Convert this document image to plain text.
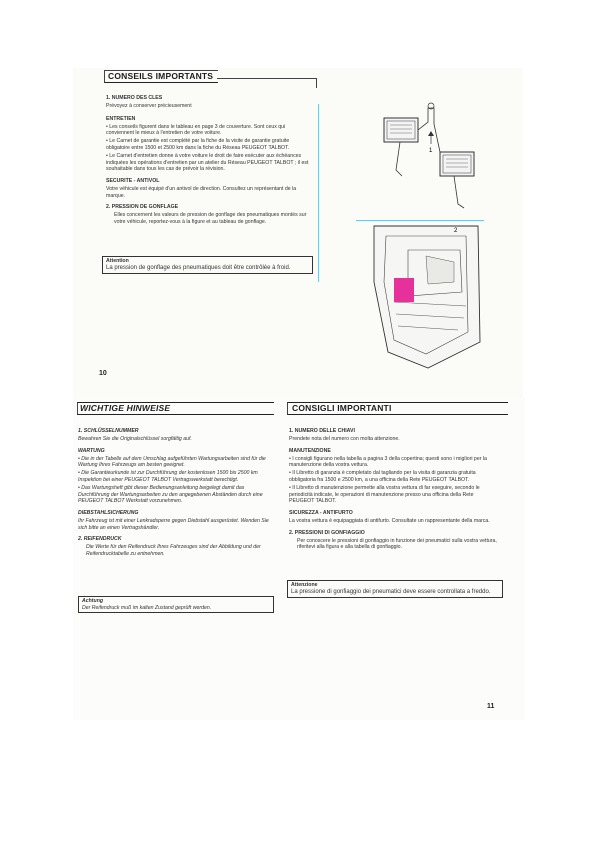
CONSEILS IMPORTANTS

1. NUMERO DES CLES

Prévoyez à conserver précieusement

ENTRETIEN

• Les conseils figurent dans le tableau en page 3 de couverture. Sont ceux qui conviennent le mieux à l'entretien de votre voiture.

• Le Carnet de garantie est complété par la fiche de la visite de garantie gratuite obligatoire entre 1500 et 2500 km dans la fiche du Réseau PEUGEOT TALBOT.

• Le Carnet d'entretien donne à votre voiture le droit de faire exécuter aux échéances indiquées les opérations d'entretien par un atelier du Réseau PEUGEOT TALBOT ; il est souhaitable dans tous les cas de prévoir la révision.

SECURITE - ANTIVOL

Votre véhicule est équipé d'un antivol de direction. Consultez un représentant de la marque.

2. PRESSION DE GONFLAGE

Elles concernent les valeurs de pression de gonflage des pneumatiques montés sur votre véhicule, reportez-vous à la figure et au tableau de gonflage.

Attention
La pression de gonflage des pneumatiques doit être contrôlée à froid.
1
2
10
WICHTIGE HINWEISE

1. SCHLÜSSELNUMMER

Bewahren Sie die Originalschlüssel sorgfältig auf.

WARTUNG

• Die in der Tabelle auf dem Umschlag aufgeführten Wartungsarbeiten sind für die Wartung Ihres Fahrzeugs am besten geeignet.

• Die Garantieurkunde ist zur Durchführung der kostenlosen 1500 bis 2500 km Inspektion bei einer PEUGEOT TALBOT Vertragswerkstatt berechtigt.

• Das Wartungsheft gibt dieser Bedienungsanleitung beigelegt damit das Durchführung der Wartungsarbeiten zu den angegebenen Abständen durch eine PEUGEOT TALBOT Werkstatt vorzunehmen.

DIEBSTAHLSICHERUNG

Ihr Fahrzeug ist mit einer Lenkradsperre gegen Diebstahl ausgerüstet. Wenden Sie sich bitte an einen Vertragshändler.

2. REIFENDRUCK

Die Werte für den Reifendruck Ihres Fahrzeuges sind der Abbildung und der Reifendrucktabelle zu entnehmen.

Achtung
Der Reifendruck muß im kalten Zustand geprüft werden.
CONSIGLI IMPORTANTI

1. NUMERO DELLE CHIAVI

Prendete nota del numero con molta attenzione.

MANUTENZIONE

• I consigli figurano nella tabella a pagina 3 della copertina; questi sono i migliori per la manutenzione della vostra vettura.

• Il Libretto di garanzia è completato dal tagliando per la visita di garanzia gratuita obbligatoria fra 1500 e 2500 km, a una officina della Rete PEUGEOT TALBOT.

• Il Libretto di manutenzione permette alla vostra vettura di far eseguire, secondo le periodicità indicate, le operazioni di manutenzione presso una officina della Rete PEUGEOT TALBOT.

SICUREZZA - ANTIFURTO

La vostra vettura è equipaggiata di antifurto. Consultate un rappresentante della marca.

2. PRESSIONI DI GONFIAGGIO

Per conoscere le pressioni di gonfiaggio in funzione dei pneumatici sulla vostra vettura, riferitevi alla figura e alla tabella di gonfiaggio.

Attenzione
La pressione di gonfiaggio dei pneumatici deve essere controllata a freddo.
11
